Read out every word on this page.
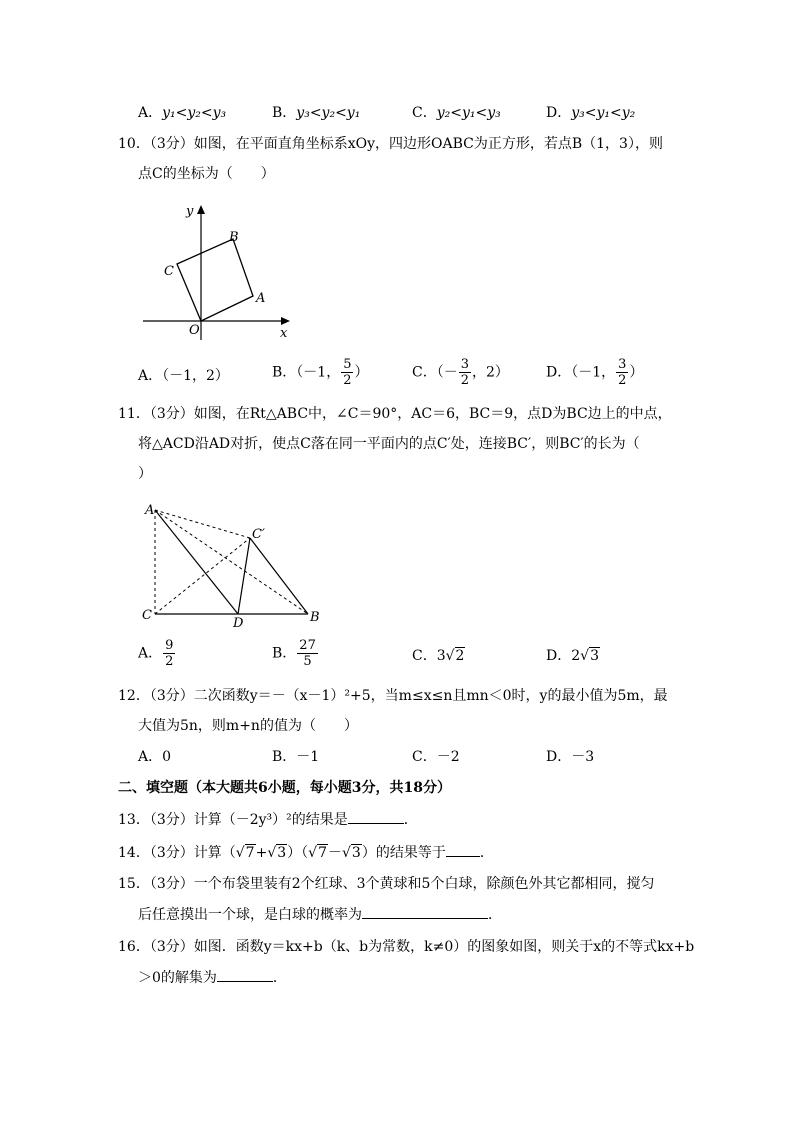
A．y₁<y₂<y₃	B．y₃<y₂<y₁	C．y₂<y₁<y₃	D．y₃<y₁<y₂
10．（3分）如图，在平面直角坐标系xOy，四边形OABC为正方形，若点B（1，3），则
点C的坐标为（　　）
x
y
O
A
B
C
A．（－1，2）	B．（－1， $\frac{5}{2}$ ）	C．（－ $\frac{3}{2}$ ，2）	D．（－1， $\frac{3}{2}$ ）
11．（3分）如图，在Rt△ABC中，∠C＝90°，AC＝6，BC＝9，点D为BC边上的中点，
将△ACD沿AD对折，使点C落在同一平面内的点C′处，连接BC′，则BC′的长为（
）
A
C
D	B
C′
A． $\frac{9}{2}$	B． $\frac{27}{5}$	C．3√2	D．2√3
12．（3分）二次函数y＝－（x－1）²+5，当m≤x≤n且mn＜0时，y的最小值为5m，最
大值为5n，则m+n的值为（　　）
A．0	B．－1	C．－2	D．－3
二、填空题（本大题共6小题，每小题3分，共18分）
13．（3分）计算（－2y³）²的结果是	．
14．（3分）计算（√7+√3）（√7－√3）的结果等于 ．
15．（3分）一个布袋里装有2个红球、3个黄球和5个白球，除颜色外其它都相同，搅匀
后任意摸出一个球，是白球的概率为	．
16．（3分）如图．函数y＝kx+b（k、b为常数，k≠0）的图象如图，则关于x的不等式kx+b
＞0的解集为	．
